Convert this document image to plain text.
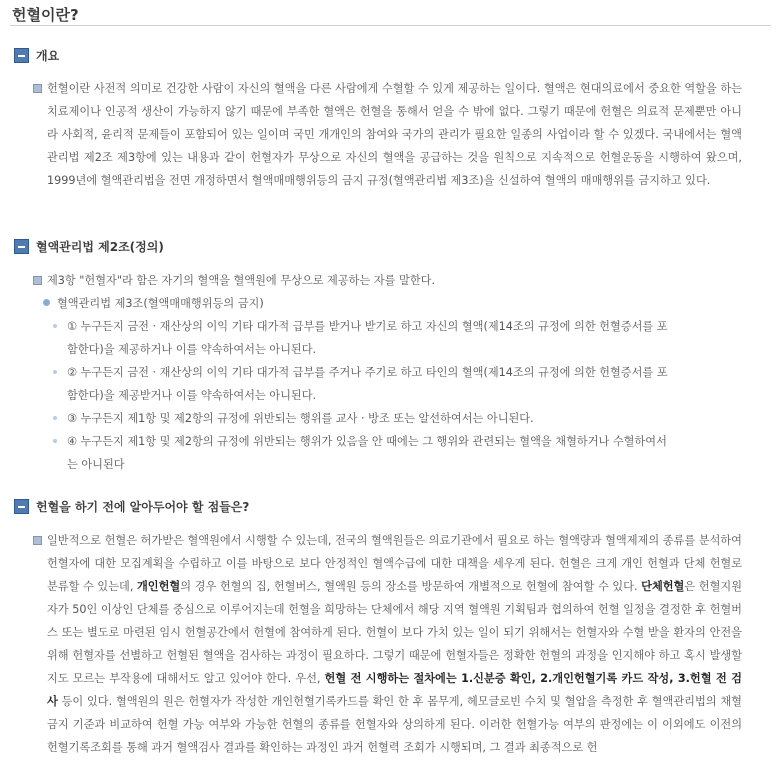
헌혈이란?
개요

헌혈이란 사전적 의미로 건강한 사람이 자신의 혈액을 다른 사람에게 수혈할 수 있게 제공하는 일이다. 혈액은 현대의료에서 중요한 역할을 하는 치료제이나 인공적 생산이 가능하지 않기 때문에 부족한 혈액은 헌혈을 통해서 얻을 수 밖에 없다. 그렇기 때문에 헌혈은 의료적 문제뿐만 아니라 사회적, 윤리적 문제들이 포함되어 있는 일이며 국민 개개인의 참여와 국가의 관리가 필요한 일종의 사업이라 할 수 있겠다. 국내에서는 혈액관리법 제2조 제3항에 있는 내용과 같이 헌혈자가 무상으로 자신의 혈액을 공급하는 것을 원칙으로 지속적으로 헌혈운동을 시행하여 왔으며, 1999년에 혈액관리법을 전면 개정하면서 혈액매매행위등의 금지 규정(혈액관리법 제3조)을 신설하여 혈액의 매매행위를 금지하고 있다.

혈액관리법 제2조(정의)
제3항 "헌혈자"라 함은 자기의 혈액을 혈액원에 무상으로 제공하는 자를 말한다.
혈액관리법 제3조(혈액매매행위등의 금지)
① 누구든지 금전 · 재산상의 이익 기타 대가적 급부를 받거나 받기로 하고 자신의 혈액(제14조의 규정에 의한 헌혈증서를 포
함한다)을 제공하거나 이를 약속하여서는 아니된다.
② 누구든지 금전 · 재산상의 이익 기타 대가적 급부를 주거나 주기로 하고 타인의 혈액(제14조의 규정에 의한 헌혈증서를 포
함한다)을 제공받거나 이를 약속하여서는 아니된다.
③ 누구든지 제1항 및 제2항의 규정에 위반되는 행위를 교사 · 방조 또는 알선하여서는 아니된다.
④ 누구든지 제1항 및 제2항의 규정에 위반되는 행위가 있음을 안 때에는 그 행위와 관련되는 혈액을 채혈하거나 수혈하여서
는 아니된다
헌혈을 하기 전에 알아두어야 할 점들은?

일반적으로 헌혈은 허가받은 혈액원에서 시행할 수 있는데, 전국의 혈액원들은 의료기관에서 필요로 하는 혈액량과 혈액제제의 종류를 분석하여 헌혈자에 대한 모집계획을 수립하고 이를 바탕으로 보다 안정적인 혈액수급에 대한 대책을 세우게 된다. 헌혈은 크게 개인 헌혈과 단체 헌혈로 분류할 수 있는데, 개인헌혈의 경우 헌혈의 집, 헌혈버스, 혈액원 등의 장소를 방문하여 개별적으로 헌혈에 참여할 수 있다. 단체헌혈은 헌혈지원자가 50인 이상인 단체를 중심으로 이루어지는데 헌혈을 희망하는 단체에서 해당 지역 혈액원 기획팀과 협의하여 헌혈 일정을 결정한 후 헌혈버스 또는 별도로 마련된 임시 헌혈공간에서 헌혈에 참여하게 된다. 헌혈이 보다 가치 있는 일이 되기 위해서는 헌혈자와 수혈 받을 환자의 안전을 위해 헌혈자를 선별하고 헌혈된 혈액을 검사하는 과정이 필요하다. 그렇기 때문에 헌혈자들은 정확한 헌혈의 과정을 인지해야 하고 혹시 발생할지도 모르는 부작용에 대해서도 알고 있어야 한다. 우선, 헌혈 전 시행하는 절차에는 1.신분증 확인, 2.개인헌혈기록 카드 작성, 3.헌혈 전 검사 등이 있다. 혈액원의 원은 헌혈자가 작성한 개인헌혈기록카드를 확인 한 후 몸무게, 헤모글로빈 수치 및 혈압을 측정한 후 혈액관리법의 채혈금지 기준과 비교하여 헌혈 가능 여부와 가능한 헌혈의 종류를 헌혈자와 상의하게 된다. 이러한 헌혈가능 여부의 판정에는 이 이외에도 이전의 헌혈기록조회를 통해 과거 혈액검사 결과를 확인하는 과정인 과거 헌혈력 조회가 시행되며, 그 결과 최종적으로 헌
